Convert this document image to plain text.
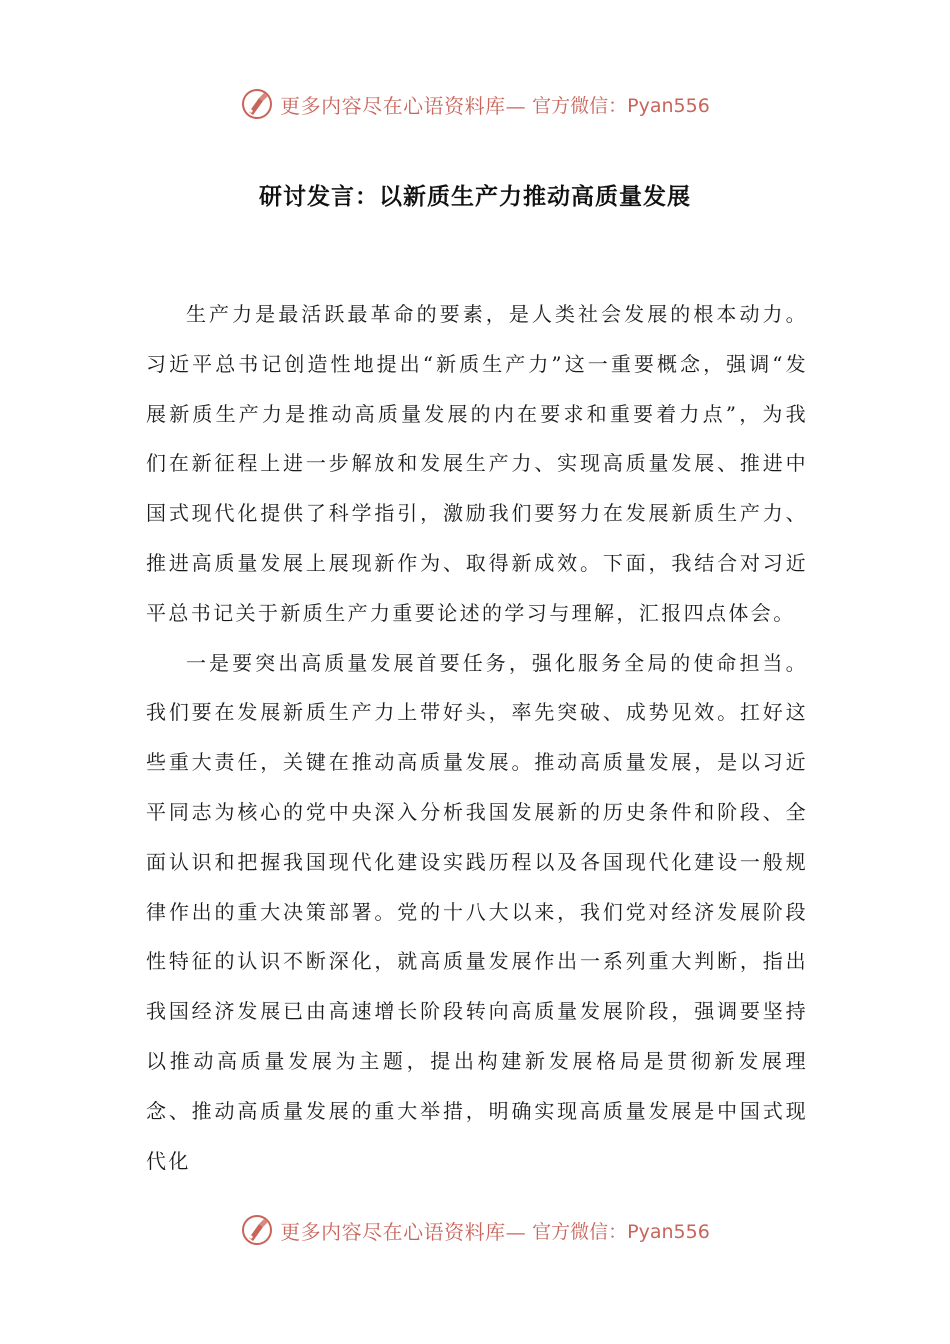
更多内容尽在心语资料库— 官方微信：Pyan556
研讨发言：以新质生产力推动高质量发展

生产力是最活跃最革命的要素，是人类社会发展的根本动力。习近平总书记创造性地提出“新质生产力”这一重要概念，强调“发展新质生产力是推动高质量发展的内在要求和重要着力点”，为我们在新征程上进一步解放和发展生产力、实现高质量发展、推进中国式现代化提供了科学指引，激励我们要努力在发展新质生产力、推进高质量发展上展现新作为、取得新成效。下面，我结合对习近平总书记关于新质生产力重要论述的学习与理解，汇报四点体会。

一是要突出高质量发展首要任务，强化服务全局的使命担当。我们要在发展新质生产力上带好头，率先突破、成势见效。扛好这些重大责任，关键在推动高质量发展。推动高质量发展，是以习近平同志为核心的党中央深入分析我国发展新的历史条件和阶段、全面认识和把握我国现代化建设实践历程以及各国现代化建设一般规律作出的重大决策部署。党的十八大以来，我们党对经济发展阶段性特征的认识不断深化，就高质量发展作出一系列重大判断，指出我国经济发展已由高速增长阶段转向高质量发展阶段，强调要坚持以推动高质量发展为主题，提出构建新发展格局是贯彻新发展理念、推动高质量发展的重大举措，明确实现高质量发展是中国式现代化

更多内容尽在心语资料库— 官方微信：Pyan556
